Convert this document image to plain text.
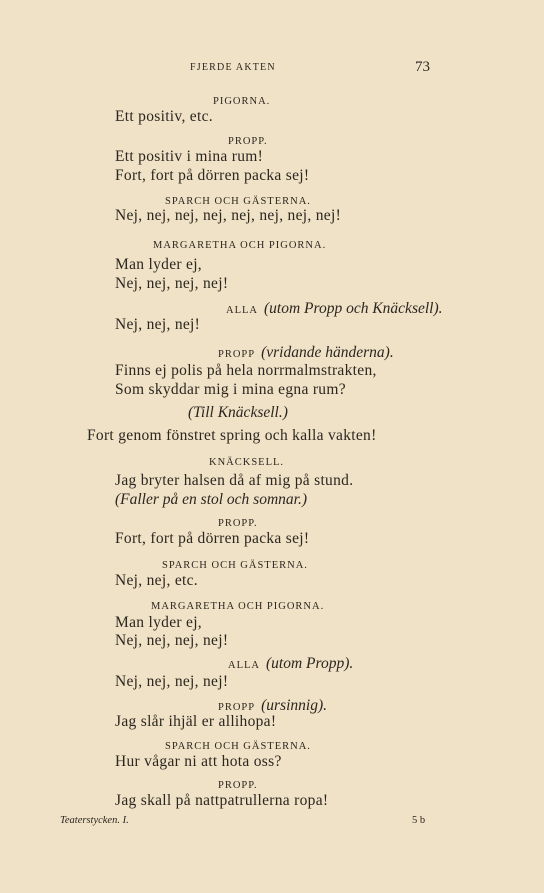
FJERDE AKTEN	73
PIGORNA.
Ett positiv, etc.
PROPP.
Ett positiv i mina rum!
Fort, fort på dörren packa sej!
SPARCH OCH GÄSTERNA.
Nej, nej, nej, nej, nej, nej, nej, nej!
MARGARETHA OCH PIGORNA.
Man lyder ej,
Nej, nej, nej, nej!
ALLA (utom Propp och Knäcksell).
Nej, nej, nej!
PROPP (vridande händerna).
Finns ej polis på hela norrmalmstrakten,
Som skyddar mig i mina egna rum?
(Till Knäcksell.)
Fort genom fönstret spring och kalla vakten!
KNÄCKSELL.
Jag bryter halsen då af mig på stund.
(Faller på en stol och somnar.)
PROPP.
Fort, fort på dörren packa sej!
SPARCH OCH GÄSTERNA.
Nej, nej, etc.
MARGARETHA OCH PIGORNA.
Man lyder ej,
Nej, nej, nej, nej!
ALLA (utom Propp).
Nej, nej, nej, nej!
PROPP (ursinnig).
Jag slår ihjäl er allihopa!
SPARCH OCH GÄSTERNA.
Hur vågar ni att hota oss?
PROPP.
Jag skall på nattpatrullerna ropa!
Teaterstycken. I.	5 b
